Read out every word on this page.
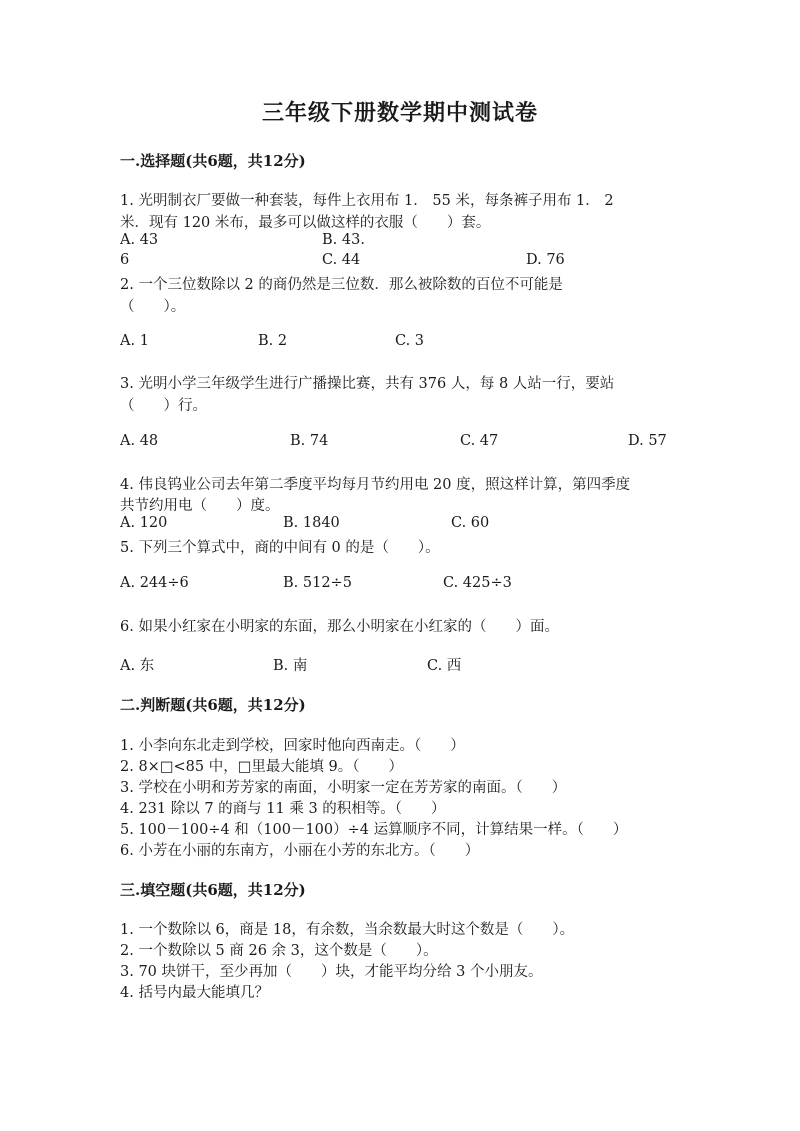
三年级下册数学期中测试卷
一.选择题(共6题，共12分)
1. 光明制衣厂要做一种套装，每件上衣用布 1． 55 米，每条裤子用布 1． 2
米．现有 120 米布，最多可以做这样的衣服（　　）套。
A. 43	B. 43.
6	C. 44	D. 76
2. 一个三位数除以 2 的商仍然是三位数．那么被除数的百位不可能是
（　　）。
A. 1	B. 2	C. 3
3. 光明小学三年级学生进行广播操比赛，共有 376 人，每 8 人站一行，要站
（　　）行。
A. 48	B. 74	C. 47	D. 57
4. 伟良钨业公司去年第二季度平均每月节约用电 20 度，照这样计算，第四季度
共节约用电（　　）度。
A. 120	B. 1840	C. 60
5. 下列三个算式中，商的中间有 0 的是（　　）。
A. 244÷6	B. 512÷5	C. 425÷3
6. 如果小红家在小明家的东面，那么小明家在小红家的（　　）面。
A. 东	B. 南	C. 西
二.判断题(共6题，共12分)
1. 小李向东北走到学校，回家时他向西南走。（　　）
2. 8×□<85 中，□里最大能填 9。（　　）
3. 学校在小明和芳芳家的南面，小明家一定在芳芳家的南面。（　　）
4. 231 除以 7 的商与 11 乘 3 的积相等。（　　）
5. 100－100÷4 和（100－100）÷4 运算顺序不同，计算结果一样。（　　）
6. 小芳在小丽的东南方，小丽在小芳的东北方。（　　）
三.填空题(共6题，共12分)
1. 一个数除以 6，商是 18，有余数，当余数最大时这个数是（　　）。
2. 一个数除以 5 商 26 余 3，这个数是（　　）。
3. 70 块饼干，至少再加（　　）块，才能平均分给 3 个小朋友。
4. 括号内最大能填几？
